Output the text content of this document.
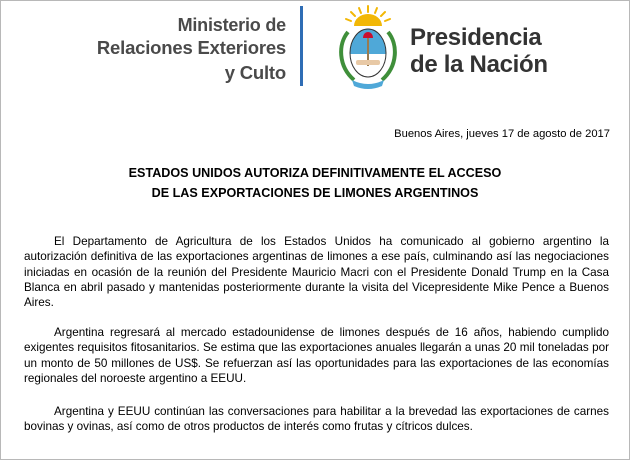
Ministerio de
Relaciones Exteriores
y Culto
Presidencia
de la Nación
Buenos Aires, jueves 17 de agosto de 2017
ESTADOS UNIDOS AUTORIZA DEFINITIVAMENTE EL ACCESO
DE LAS EXPORTACIONES DE LIMONES ARGENTINOS

El Departamento de Agricultura de los Estados Unidos ha comunicado al gobierno argentino la autorización definitiva de las exportaciones argentinas de limones a ese país, culminando así las negociaciones iniciadas en ocasión de la reunión del Presidente Mauricio Macri con el Presidente Donald Trump en la Casa Blanca en abril pasado y mantenidas posteriormente durante la visita del Vicepresidente Mike Pence a Buenos Aires.

Argentina regresará al mercado estadounidense de limones después de 16 años, habiendo cumplido exigentes requisitos fitosanitarios. Se estima que las exportaciones anuales llegarán a unas 20 mil toneladas por un monto de 50 millones de US$. Se refuerzan así las oportunidades para las exportaciones de las economías regionales del noroeste argentino a EEUU.

Argentina y EEUU continúan las conversaciones para habilitar a la brevedad las exportaciones de carnes bovinas y ovinas, así como de otros productos de interés como frutas y cítricos dulces.
